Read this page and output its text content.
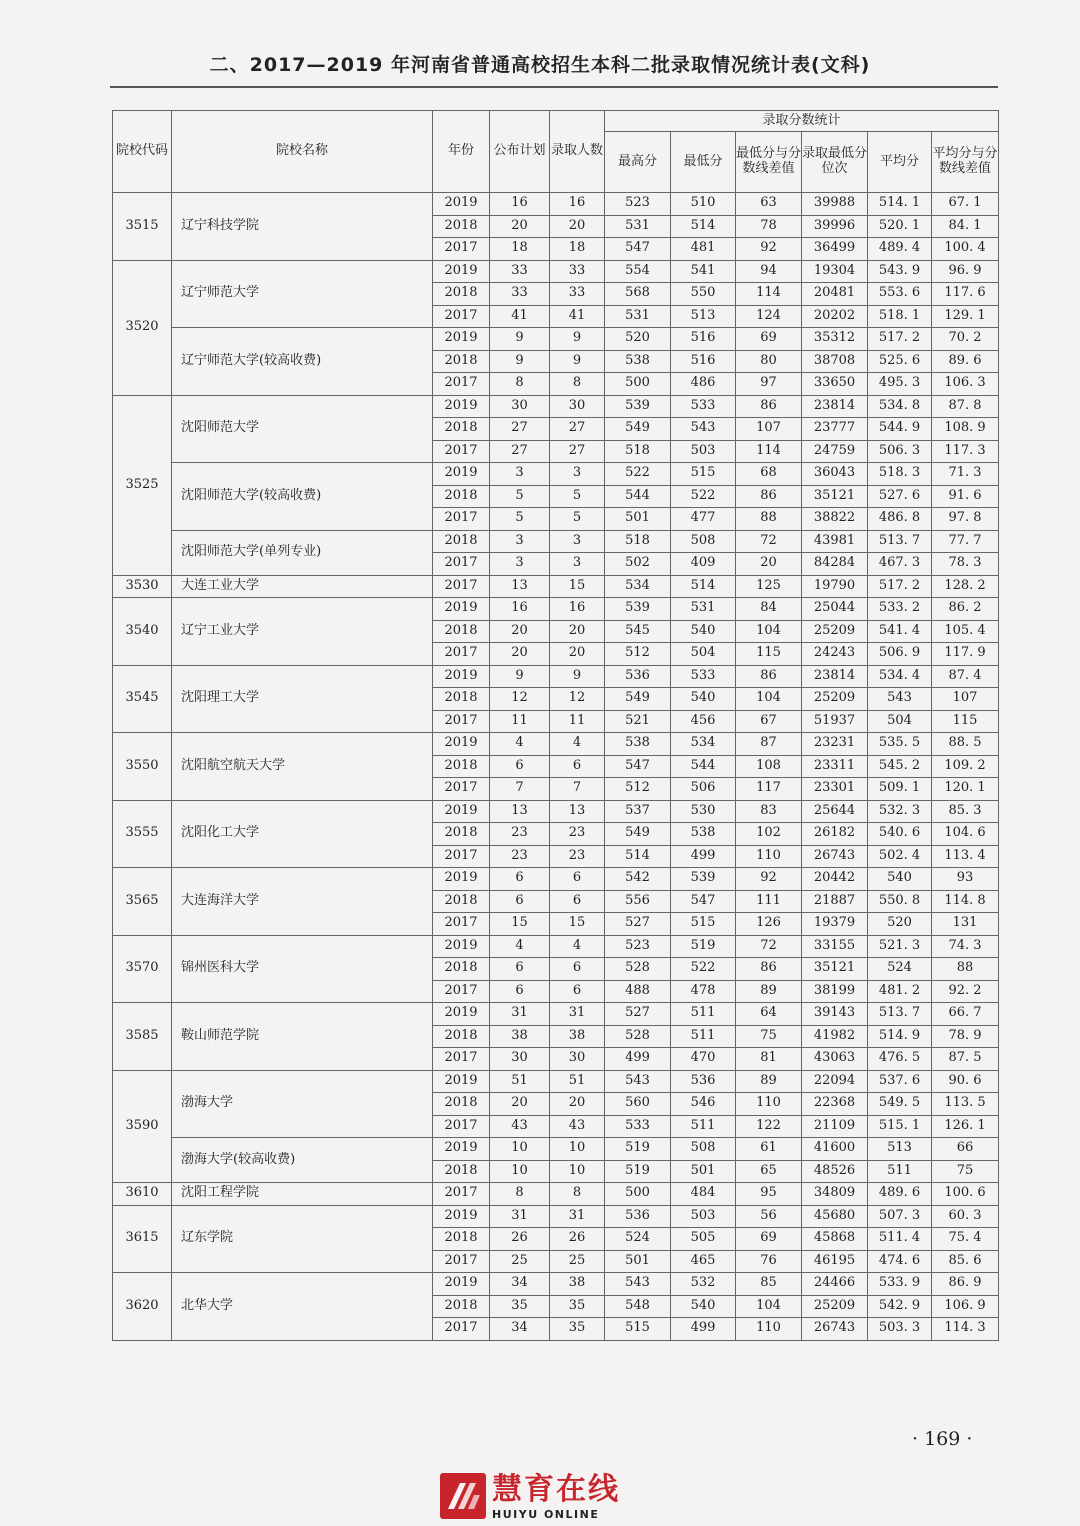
二、2017—2019 年河南省普通高校招生本科二批录取情况统计表(文科)
院校代码	院校名称	年份	公布计划	录取人数	录取分数统计					
					最高分	最低分	最低分与分数线差值	录取最低分位次	平均分	平均分与分数线差值
3515	辽宁科技学院	2019	16	16	523	510	63	39988	514. 1	67. 1
		2018	20	20	531	514	78	39996	520. 1	84. 1
		2017	18	18	547	481	92	36499	489. 4	100. 4
3520	辽宁师范大学	2019	33	33	554	541	94	19304	543. 9	96. 9
		2018	33	33	568	550	114	20481	553. 6	117. 6
		2017	41	41	531	513	124	20202	518. 1	129. 1
	辽宁师范大学(较高收费)	2019	9	9	520	516	69	35312	517. 2	70. 2
		2018	9	9	538	516	80	38708	525. 6	89. 6
		2017	8	8	500	486	97	33650	495. 3	106. 3
3525	沈阳师范大学	2019	30	30	539	533	86	23814	534. 8	87. 8
		2018	27	27	549	543	107	23777	544. 9	108. 9
		2017	27	27	518	503	114	24759	506. 3	117. 3
	沈阳师范大学(较高收费)	2019	3	3	522	515	68	36043	518. 3	71. 3
		2018	5	5	544	522	86	35121	527. 6	91. 6
		2017	5	5	501	477	88	38822	486. 8	97. 8
	沈阳师范大学(单列专业)	2018	3	3	518	508	72	43981	513. 7	77. 7
		2017	3	3	502	409	20	84284	467. 3	78. 3
3530	大连工业大学	2017	13	15	534	514	125	19790	517. 2	128. 2
3540	辽宁工业大学	2019	16	16	539	531	84	25044	533. 2	86. 2
		2018	20	20	545	540	104	25209	541. 4	105. 4
		2017	20	20	512	504	115	24243	506. 9	117. 9
3545	沈阳理工大学	2019	9	9	536	533	86	23814	534. 4	87. 4
		2018	12	12	549	540	104	25209	543	107
		2017	11	11	521	456	67	51937	504	115
3550	沈阳航空航天大学	2019	4	4	538	534	87	23231	535. 5	88. 5
		2018	6	6	547	544	108	23311	545. 2	109. 2
		2017	7	7	512	506	117	23301	509. 1	120. 1
3555	沈阳化工大学	2019	13	13	537	530	83	25644	532. 3	85. 3
		2018	23	23	549	538	102	26182	540. 6	104. 6
		2017	23	23	514	499	110	26743	502. 4	113. 4
3565	大连海洋大学	2019	6	6	542	539	92	20442	540	93
		2018	6	6	556	547	111	21887	550. 8	114. 8
		2017	15	15	527	515	126	19379	520	131
3570	锦州医科大学	2019	4	4	523	519	72	33155	521. 3	74. 3
		2018	6	6	528	522	86	35121	524	88
		2017	6	6	488	478	89	38199	481. 2	92. 2
3585	鞍山师范学院	2019	31	31	527	511	64	39143	513. 7	66. 7
		2018	38	38	528	511	75	41982	514. 9	78. 9
		2017	30	30	499	470	81	43063	476. 5	87. 5
3590	渤海大学	2019	51	51	543	536	89	22094	537. 6	90. 6
		2018	20	20	560	546	110	22368	549. 5	113. 5
		2017	43	43	533	511	122	21109	515. 1	126. 1
	渤海大学(较高收费)	2019	10	10	519	508	61	41600	513	66
		2018	10	10	519	501	65	48526	511	75
3610	沈阳工程学院	2017	8	8	500	484	95	34809	489. 6	100. 6
3615	辽东学院	2019	31	31	536	503	56	45680	507. 3	60. 3
		2018	26	26	524	505	69	45868	511. 4	75. 4
		2017	25	25	501	465	76	46195	474. 6	85. 6
3620	北华大学	2019	34	38	543	532	85	24466	533. 9	86. 9
		2018	35	35	548	540	104	25209	542. 9	106. 9
		2017	34	35	515	499	110	26743	503. 3	114. 3
· 169 ·
慧育在线
HUIYU ONLINE
